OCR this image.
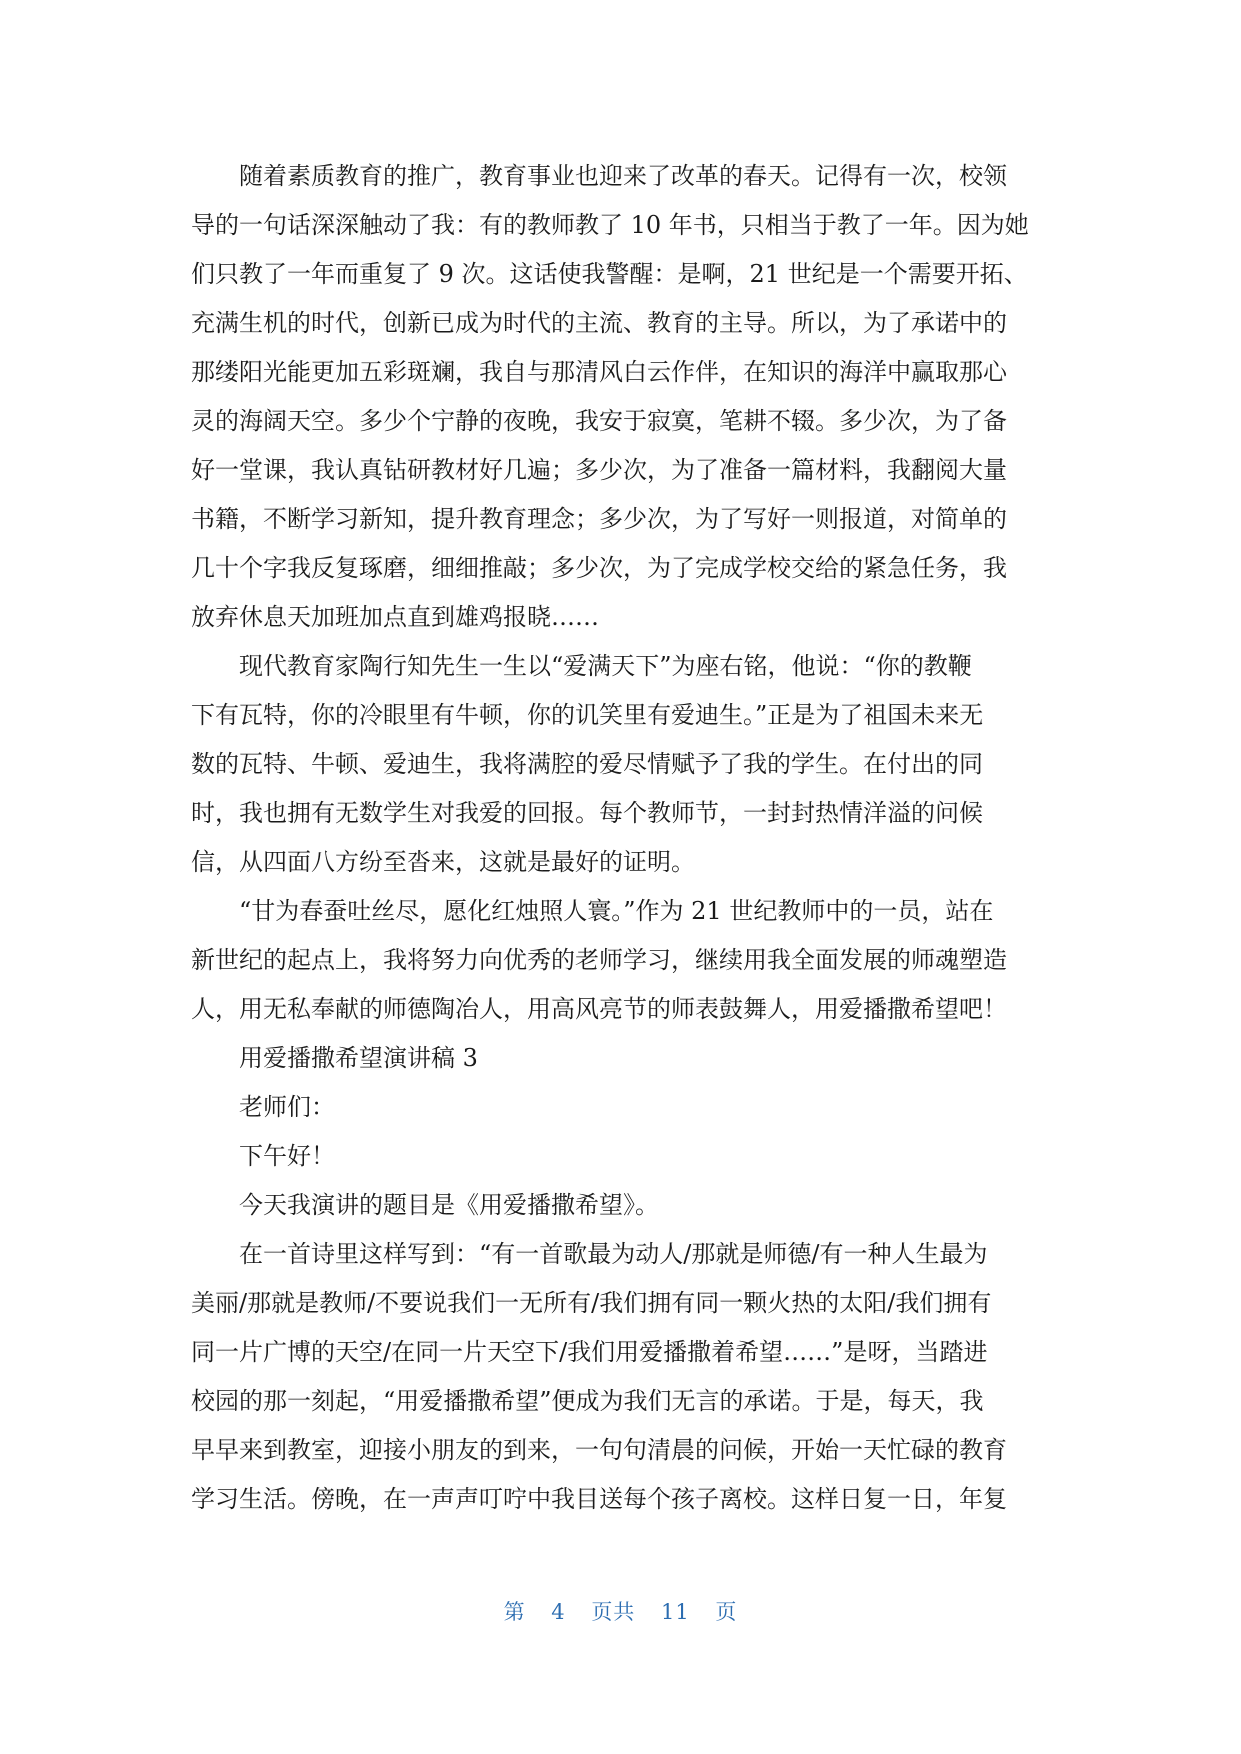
随着素质教育的推广，教育事业也迎来了改革的春天。记得有一次，校领
导的一句话深深触动了我：有的教师教了 10 年书，只相当于教了一年。因为她
们只教了一年而重复了 9 次。这话使我警醒：是啊，21 世纪是一个需要开拓、
充满生机的时代，创新已成为时代的主流、教育的主导。所以，为了承诺中的
那缕阳光能更加五彩斑斓，我自与那清风白云作伴，在知识的海洋中赢取那心
灵的海阔天空。多少个宁静的夜晚，我安于寂寞，笔耕不辍。多少次，为了备
好一堂课，我认真钻研教材好几遍；多少次，为了准备一篇材料，我翻阅大量
书籍，不断学习新知，提升教育理念；多少次，为了写好一则报道，对简单的
几十个字我反复琢磨，细细推敲；多少次，为了完成学校交给的紧急任务，我
放弃休息天加班加点直到雄鸡报晓……
现代教育家陶行知先生一生以“爱满天下”为座右铭，他说：“你的教鞭
下有瓦特，你的冷眼里有牛顿，你的讥笑里有爱迪生。”正是为了祖国未来无
数的瓦特、牛顿、爱迪生，我将满腔的爱尽情赋予了我的学生。在付出的同
时，我也拥有无数学生对我爱的回报。每个教师节，一封封热情洋溢的问候
信，从四面八方纷至沓来，这就是最好的证明。
“甘为春蚕吐丝尽，愿化红烛照人寰。”作为 21 世纪教师中的一员，站在
新世纪的起点上，我将努力向优秀的老师学习，继续用我全面发展的师魂塑造
人，用无私奉献的师德陶冶人，用高风亮节的师表鼓舞人，用爱播撒希望吧！
用爱播撒希望演讲稿 3
老师们：
下午好！
今天我演讲的题目是《用爱播撒希望》。
在一首诗里这样写到：“有一首歌最为动人/那就是师德/有一种人生最为
美丽/那就是教师/不要说我们一无所有/我们拥有同一颗火热的太阳/我们拥有
同一片广博的天空/在同一片天空下/我们用爱播撒着希望……”是呀，当踏进
校园的那一刻起，“用爱播撒希望”便成为我们无言的承诺。于是，每天，我
早早来到教室，迎接小朋友的到来，一句句清晨的问候，开始一天忙碌的教育
学习生活。傍晚，在一声声叮咛中我目送每个孩子离校。这样日复一日，年复
第 4 页共 11 页
